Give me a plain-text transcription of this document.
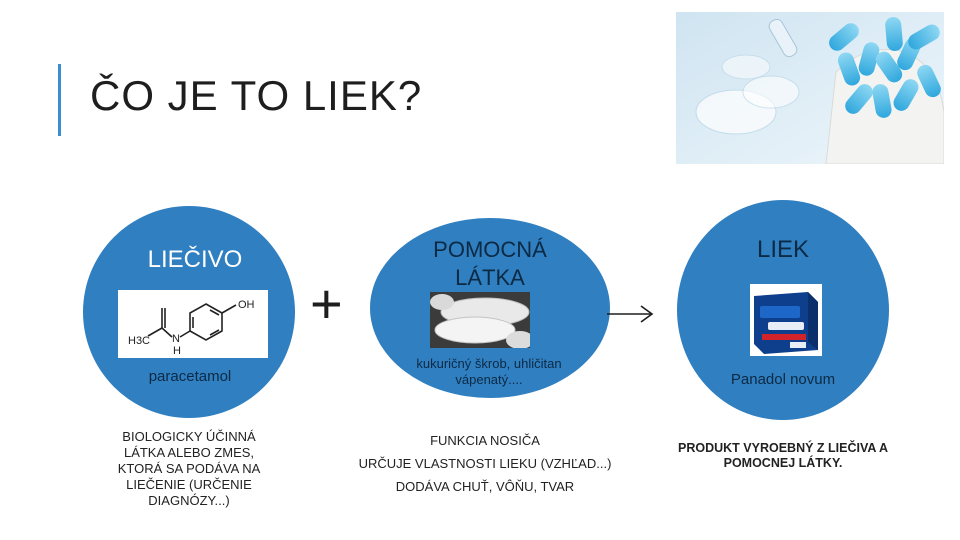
ČO JE TO LIEK?
LIEČIVO
OH
H3C N
H
paracetamol
BIOLOGICKY ÚČINNÁ LÁTKA ALEBO ZMES, KTORÁ SA PODÁVA NA LIEČENIE (URČENIE DIAGNÓZY...)
+
POMOCNÁ LÁTKA
kukuričný škrob, uhličitan vápenatý....
FUNKCIA NOSIČA
URČUJE VLASTNOSTI LIEKU (VZHĽAD...)
DODÁVA CHUŤ, VÔŇU, TVAR
LIEK
Panadol novum
PRODUKT VYROEBNÝ Z LIEČIVA A POMOCNEJ LÁTKY.
